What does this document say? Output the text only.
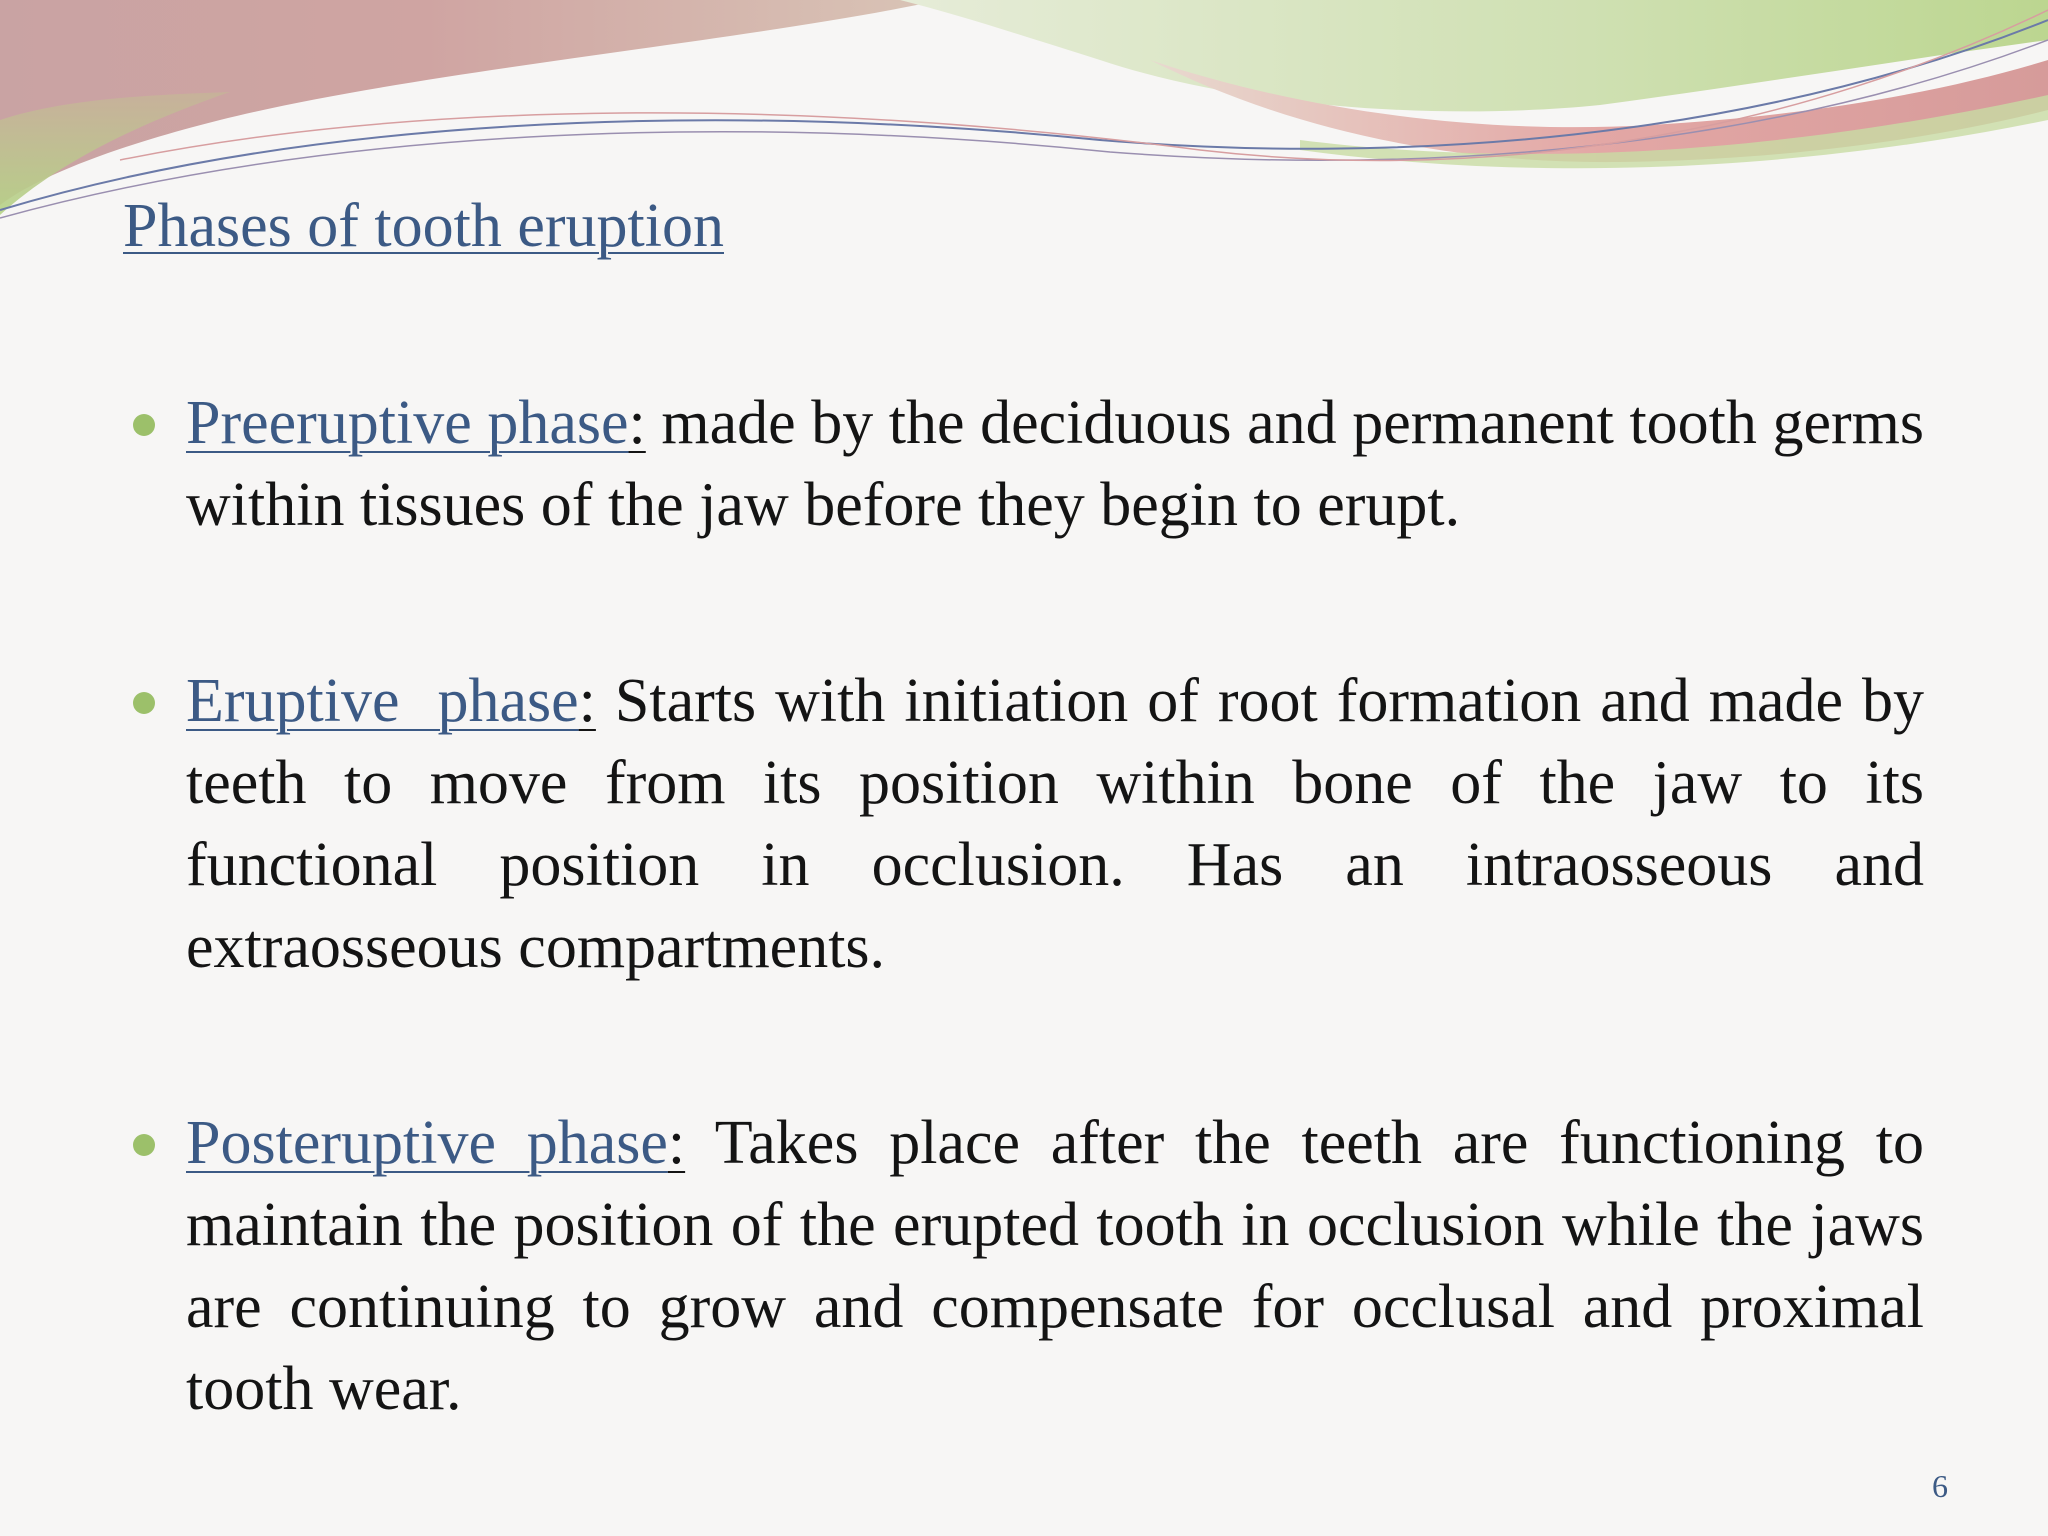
Phases of tooth eruption
Preeruptive phase: made by the deciduous and permanent tooth germs within tissues of the jaw before they begin to erupt.
Eruptive  phase: Starts with initiation of root formation and made by teeth to move from its position within bone of the jaw to its functional position in occlusion. Has an intraosseous and extraosseous compartments.
Posteruptive phase: Takes place after the teeth are functioning to maintain the position of the erupted tooth in occlusion while the jaws are continuing to grow and compensate for occlusal and proximal tooth wear.
6
